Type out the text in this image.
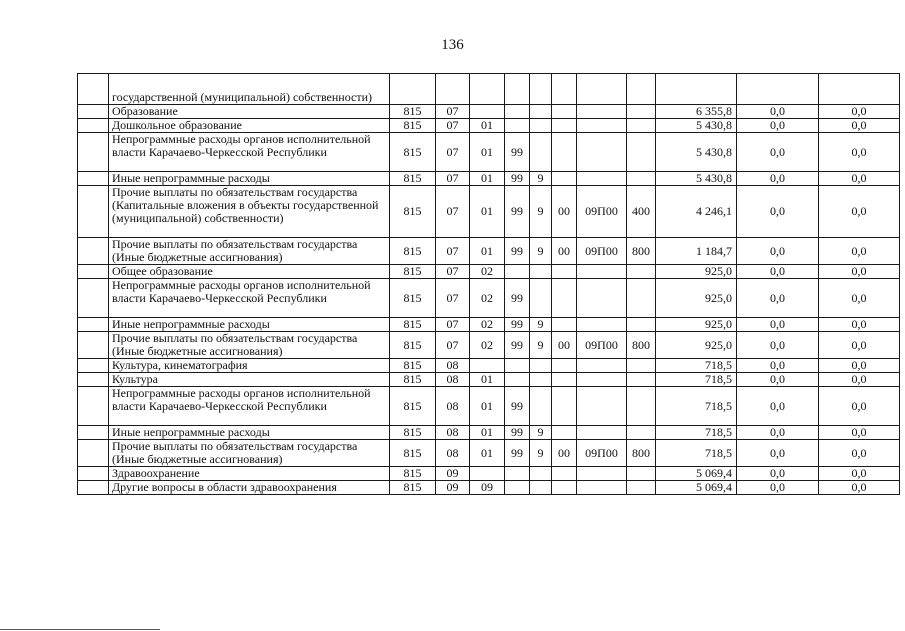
136
	государственной (муниципальной) собственности)											
	Образование	815	07							6 355,8	0,0	0,0
	Дошкольное образование	815	07	01						5 430,8	0,0	0,0
	Непрограммные расходы органов исполнительной власти Карачаево-Черкесской Республики	815	07	01	99					5 430,8	0,0	0,0
	Иные непрограммные расходы	815	07	01	99	9				5 430,8	0,0	0,0
	Прочие выплаты по обязательствам государства (Капитальные вложения в объекты государственной (муниципальной) собственности)	815	07	01	99	9	00	09П00	400	4 246,1	0,0	0,0
	Прочие выплаты по обязательствам государства (Иные бюджетные ассигнования)	815	07	01	99	9	00	09П00	800	1 184,7	0,0	0,0
	Общее образование	815	07	02						925,0	0,0	0,0
	Непрограммные расходы органов исполнительной власти Карачаево-Черкесской Республики	815	07	02	99					925,0	0,0	0,0
	Иные непрограммные расходы	815	07	02	99	9				925,0	0,0	0,0
	Прочие выплаты по обязательствам государства (Иные бюджетные ассигнования)	815	07	02	99	9	00	09П00	800	925,0	0,0	0,0
	Культура, кинематография	815	08							718,5	0,0	0,0
	Культура	815	08	01						718,5	0,0	0,0
	Непрограммные расходы органов исполнительной власти Карачаево-Черкесской Республики	815	08	01	99					718,5	0,0	0,0
	Иные непрограммные расходы	815	08	01	99	9				718,5	0,0	0,0
	Прочие выплаты по обязательствам государства (Иные бюджетные ассигнования)	815	08	01	99	9	00	09П00	800	718,5	0,0	0,0
	Здравоохранение	815	09							5 069,4	0,0	0,0
	Другие вопросы в области здравоохранения	815	09	09						5 069,4	0,0	0,0
